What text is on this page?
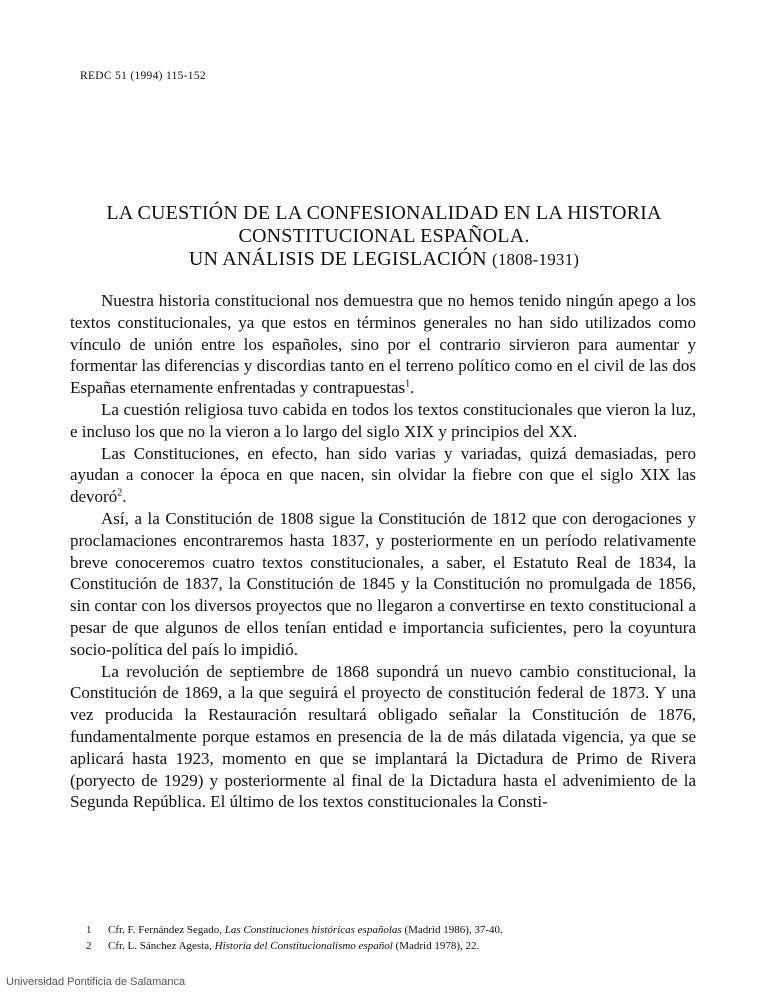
REDC 51 (1994) 115-152
LA CUESTIÓN DE LA CONFESIONALIDAD EN LA HISTORIA
CONSTITUCIONAL ESPAÑOLA.
UN ANÁLISIS DE LEGISLACIÓN (1808-1931)

Nuestra historia constitucional nos demuestra que no hemos tenido ningún apego a los textos constitucionales, ya que estos en términos generales no han sido utilizados como vínculo de unión entre los españoles, sino por el contrario sirvieron para aumentar y formentar las diferencias y discordias tanto en el terreno político como en el civil de las dos Españas eternamente enfrentadas y contrapuestas$^1$.

La cuestión religiosa tuvo cabida en todos los textos constitucionales que vieron la luz, e incluso los que no la vieron a lo largo del siglo XIX y principios del XX.

Las Constituciones, en efecto, han sido varias y variadas, quizá demasiadas, pero ayudan a conocer la época en que nacen, sin olvidar la fiebre con que el siglo XIX las devoró$^2$.

Así, a la Constitución de 1808 sigue la Constitución de 1812 que con derogaciones y proclamaciones encontraremos hasta 1837, y posteriormente en un período relativamente breve conoceremos cuatro textos constitucionales, a saber, el Estatuto Real de 1834, la Constitución de 1837, la Constitución de 1845 y la Constitución no promulgada de 1856, sin contar con los diversos proyectos que no llegaron a convertirse en texto constitucional a pesar de que algunos de ellos tenían entidad e importancia suficientes, pero la coyuntura socio-política del país lo impidió.

La revolución de septiembre de 1868 supondrá un nuevo cambio constitucional, la Constitución de 1869, a la que seguirá el proyecto de constitución federal de 1873. Y una vez producida la Restauración resultará obligado señalar la Constitución de 1876, fundamentalmente porque estamos en presencia de la de más dilatada vigencia, ya que se aplicará hasta 1923, momento en que se implantará la Dictadura de Primo de Rivera (poryecto de 1929) y posteriormente al final de la Dictadura hasta el advenimiento de la Segunda República. El último de los textos constitucionales la Consti-

1 Cfr. F. Fernández Segado, Las Constituciones históricas españolas (Madrid 1986), 37-40.
2 Cfr. L. Sánchez Agesta, Historia del Constitucionalismo español (Madrid 1978), 22.
Universidad Pontificia de Salamanca
